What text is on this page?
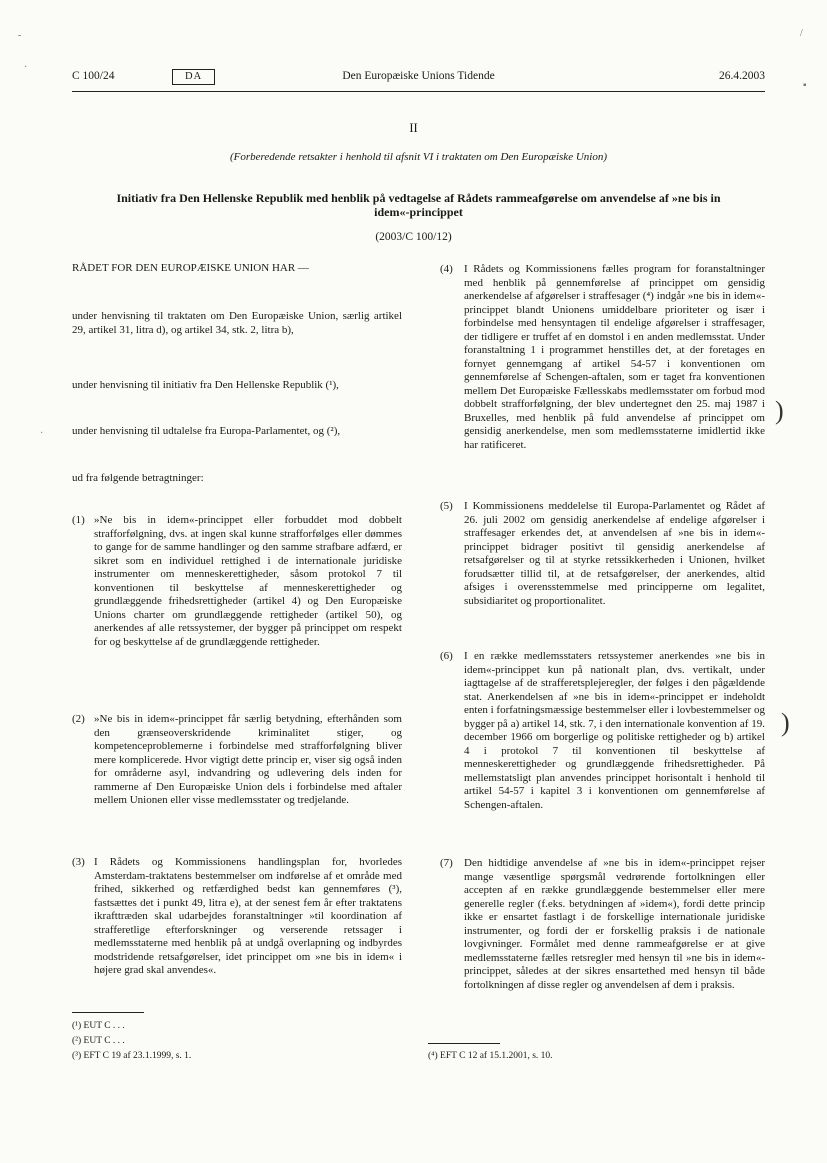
C 100/24	DA	Den Europæiske Unions Tidende	26.4.2003
II
(Forberedende retsakter i henhold til afsnit VI i traktaten om Den Europæiske Union)
Initiativ fra Den Hellenske Republik med henblik på vedtagelse af Rådets rammeafgørelse om anvendelse af »ne bis in idem«-princippet
(2003/C 100/12)

RÅDET FOR DEN EUROPÆISKE UNION HAR —

under henvisning til traktaten om Den Europæiske Union, særlig artikel 29, artikel 31, litra d), og artikel 34, stk. 2, litra b),

under henvisning til initiativ fra Den Hellenske Republik (¹),

under henvisning til udtalelse fra Europa-Parlamentet, og (²),

ud fra følgende betragtninger:

(1) »Ne bis in idem«-princippet eller forbuddet mod dobbelt strafforfølgning, dvs. at ingen skal kunne strafforfølges eller dømmes to gange for de samme handlinger og den samme strafbare adfærd, er sikret som en individuel rettighed i de internationale juridiske instrumenter om menneskerettigheder, såsom protokol 7 til konventionen til beskyttelse af menneskerettigheder og grundlæggende frihedsrettigheder (artikel 4) og Den Europæiske Unions charter om grundlæggende rettigheder (artikel 50), og anerkendes af alle retssystemer, der bygger på princippet om respekt for og beskyttelse af de grundlæggende rettigheder.

(2) »Ne bis in idem«-princippet får særlig betydning, efterhånden som den grænseoverskridende kriminalitet stiger, og kompetenceproblemerne i forbindelse med strafforfølgning bliver mere komplicerede. Hvor vigtigt dette princip er, viser sig også inden for områderne asyl, indvandring og udlevering dels inden for rammerne af Den Europæiske Union dels i forbindelse med aftaler mellem Unionen eller visse medlemsstater og tredjelande.

(3) I Rådets og Kommissionens handlingsplan for, hvorledes Amsterdam-traktatens bestemmelser om indførelse af et område med frihed, sikkerhed og retfærdighed bedst kan gennemføres (³), fastsættes det i punkt 49, litra e), at der senest fem år efter traktatens ikrafttræden skal udarbejdes foranstaltninger »til koordination af strafferetlige efterforskninger og verserende retssager i medlemsstaterne med henblik på at undgå overlapning og indbyrdes modstridende retsafgørelser, idet princippet om »ne bis in idem« i højere grad skal anvendes«.

(¹) EUT C . . .
(²) EUT C . . .
(³) EFT C 19 af 23.1.1999, s. 1.
(4) I Rådets og Kommissionens fælles program for foranstaltninger med henblik på gennemførelse af princippet om gensidig anerkendelse af afgørelser i straffesager (⁴) indgår »ne bis in idem«-princippet blandt Unionens umiddelbare prioriteter og især i forbindelse med hensyntagen til endelige afgørelser i straffesager, der tidligere er truffet af en domstol i en anden medlemsstat. Under foranstaltning 1 i programmet henstilles det, at der foretages en fornyet gennemgang af artikel 54-57 i konventionen om gennemførelse af Schengen-aftalen, som er taget fra konventionen mellem Det Europæiske Fællesskabs medlemsstater om forbud mod dobbelt strafforfølgning, der blev undertegnet den 25. maj 1987 i Bruxelles, med henblik på fuld anvendelse af princippet om gensidig anerkendelse, men som medlemsstaterne imidlertid ikke har ratificeret.

(5) I Kommissionens meddelelse til Europa-Parlamentet og Rådet af 26. juli 2002 om gensidig anerkendelse af endelige afgørelser i straffesager erkendes det, at anvendelsen af »ne bis in idem«-princippet bidrager positivt til gensidig anerkendelse af retsafgørelser og til at styrke retssikkerheden i Unionen, hvilket forudsætter tillid til, at de retsafgørelser, der anerkendes, altid afsiges i overensstemmelse med principperne om legalitet, subsidiaritet og proportionalitet.

(6) I en række medlemsstaters retssystemer anerkendes »ne bis in idem«-princippet kun på nationalt plan, dvs. vertikalt, under iagttagelse af de strafferetsplejeregler, der følges i den pågældende stat. Anerkendelsen af »ne bis in idem«-princippet er indeholdt enten i forfatningsmæssige bestemmelser eller i lovbestemmelser og bygger på a) artikel 14, stk. 7, i den internationale konvention af 19. december 1966 om borgerlige og politiske rettigheder og b) artikel 4 i protokol 7 til konventionen til beskyttelse af menneskerettigheder og grundlæggende frihedsrettigheder. På mellemstatsligt plan anvendes princippet horisontalt i henhold til artikel 54-57 i kapitel 3 i konventionen om gennemførelse af Schengen-aftalen.

(7) Den hidtidige anvendelse af »ne bis in idem«-princippet rejser mange væsentlige spørgsmål vedrørende fortolkningen eller accepten af en række grundlæggende bestemmelser eller mere generelle regler (f.eks. betydningen af »idem«), fordi dette princip ikke er ensartet fastlagt i de forskellige internationale juridiske instrumenter, og fordi der er forskellig praksis i de nationale lovgivninger. Formålet med denne rammeafgørelse er at give medlemsstaterne fælles retsregler med hensyn til »ne bis in idem«-princippet, således at der sikres ensartethed med hensyn til både fortolkningen af disse regler og anvendelsen af dem i praksis.

(⁴) EFT C 12 af 15.1.2001, s. 10.
)
)
-
·
/
▪
·
